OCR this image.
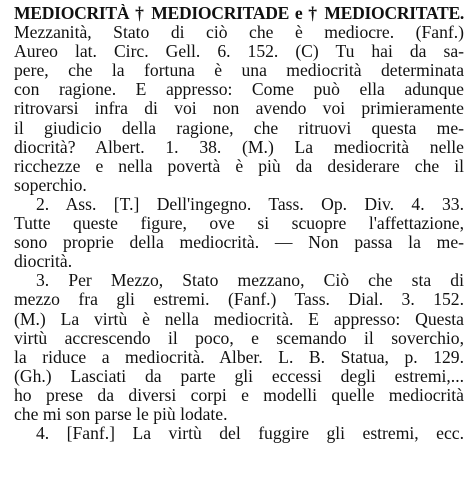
MEDIOCRITÀ † MEDIOCRITADE e † MEDIOCRITATE.
Mezzanità, Stato di ciò che è mediocre. (Fanf.)
Aureo lat. Circ. Gell. 6. 152. (C) Tu hai da sa-
pere, che la fortuna è una mediocrità determinata
con ragione. E appresso: Come può ella adunque
ritrovarsi infra di voi non avendo voi primieramente
il giudicio della ragione, che ritruovi questa me-
diocrità? Albert. 1. 38. (M.) La mediocrità nelle
ricchezze e nella povertà è più da desiderare che il
soperchio.
2. Ass. [T.] Dell'ingegno. Tass. Op. Div. 4. 33.
Tutte queste figure, ove si scuopre l'affettazione,
sono proprie della mediocrità. — Non passa la me-
diocrità.
3. Per Mezzo, Stato mezzano, Ciò che sta di
mezzo fra gli estremi. (Fanf.) Tass. Dial. 3. 152.
(M.) La virtù è nella mediocrità. E appresso: Questa
virtù accrescendo il poco, e scemando il soverchio,
la riduce a mediocrità. Alber. L. B. Statua, p. 129.
(Gh.) Lasciati da parte gli eccessi degli estremi,...
ho prese da diversi corpi e modelli quelle mediocrità
che mi son parse le più lodate.
4. [Fanf.] La virtù del fuggire gli estremi, ecc.
